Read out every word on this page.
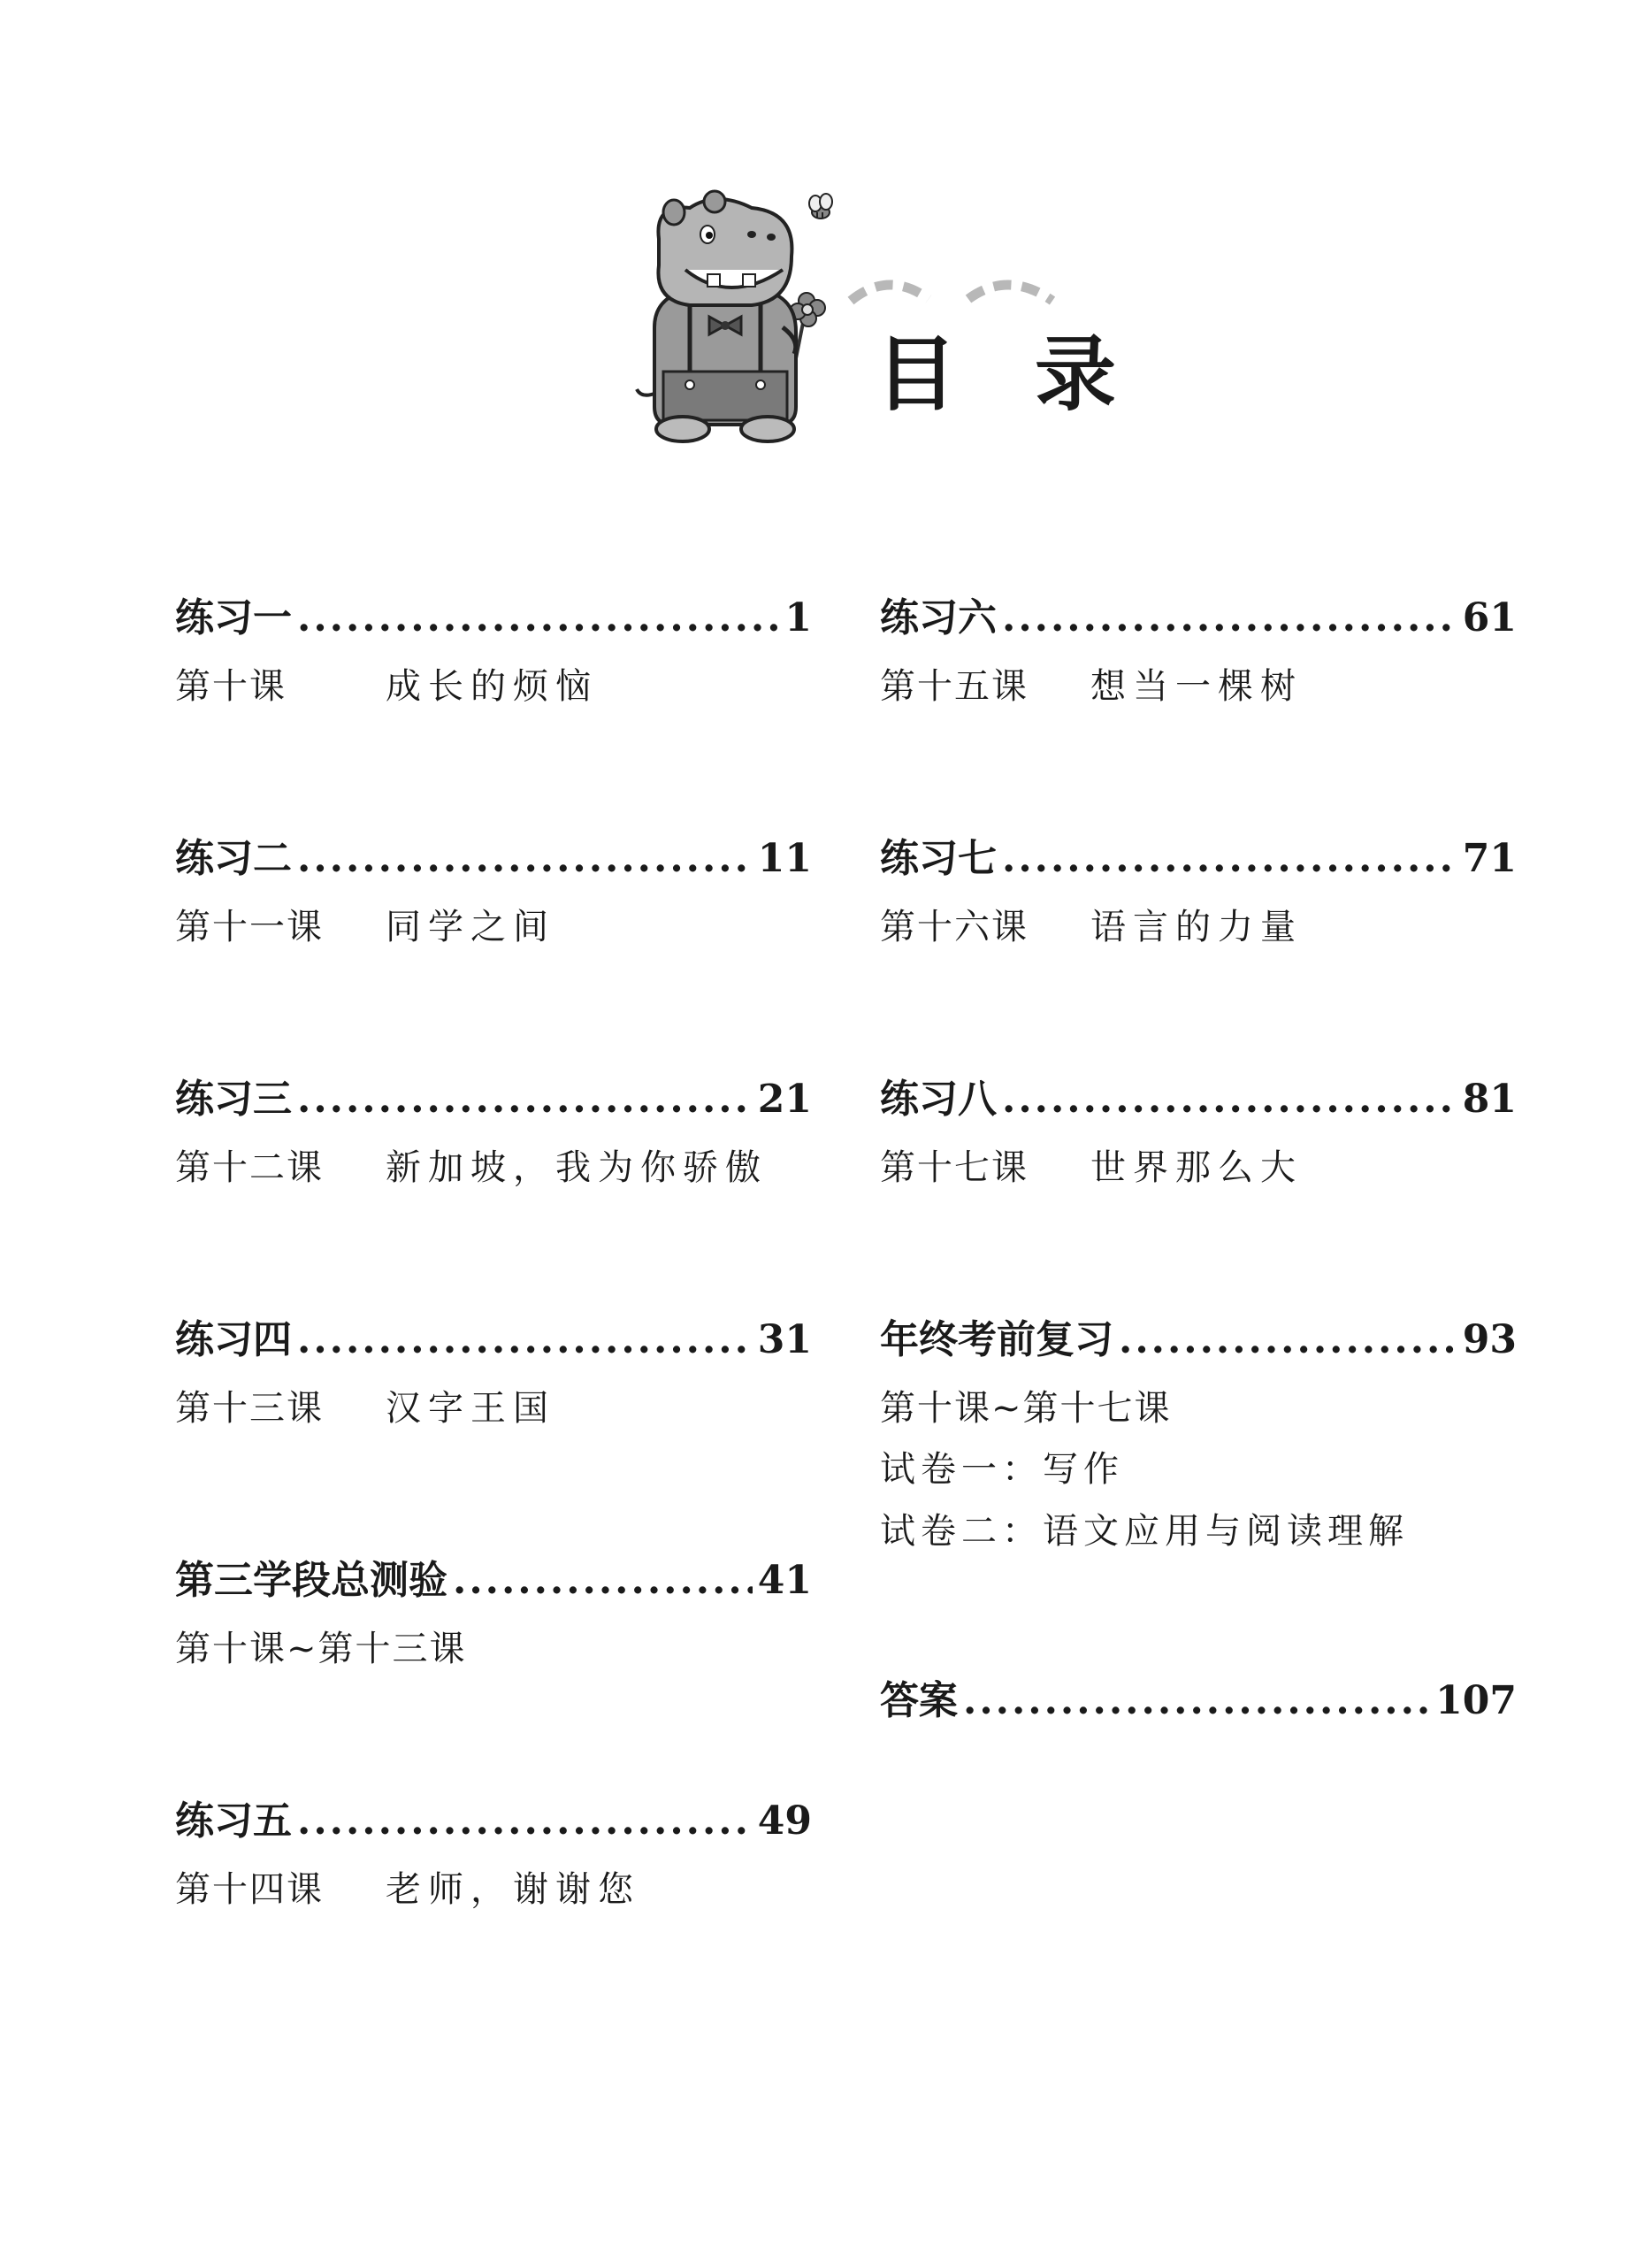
目 录
练习一 .....	1
第十课	成长的烦恼
练习二 .....	11
第十一课 同学之间
练习三 .....	21
第十二课 新加坡，我为你骄傲
练习四 .....	31
第十三课 汉字王国
第三学段总测验 .....	41
第十课~第十三课
练习五 .....	49
第十四课 老师，谢谢您
练习六 .....	61
第十五课 想当一棵树
练习七 .....	71
第十六课 语言的力量
练习八 .....	81
第十七课 世界那么大
年终考前复习 .....	93
第十课~第十七课
试卷一：写作
试卷二：语文应用与阅读理解
答案 .....	107
